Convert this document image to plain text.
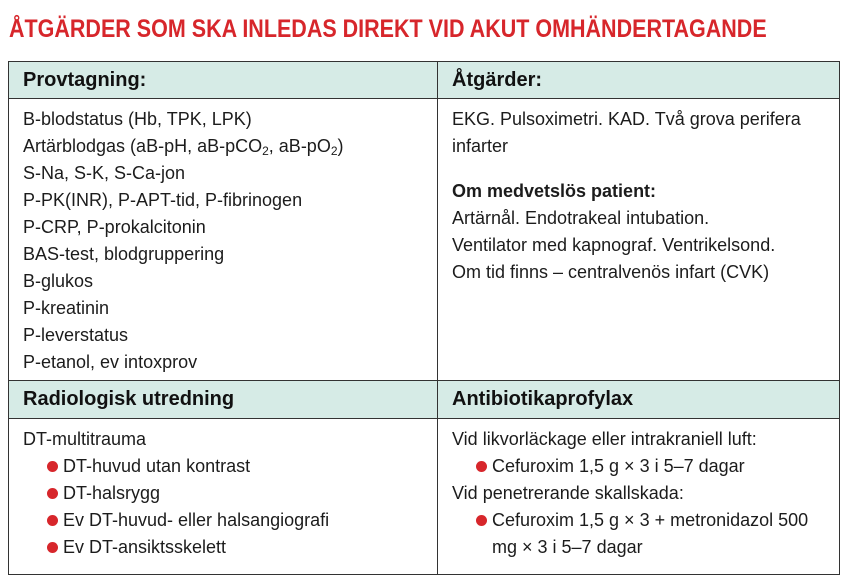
ÅTGÄRDER SOM SKA INLEDAS DIREKT VID AKUT OMHÄNDERTAGANDE
Provtagning:	Åtgärder:
B-blodstatus (Hb, TPK, LPK)
Artärblodgas (aB-pH, aB-pCO$_2$, $aB-pO_2$)
S-Na, S-K, S-Ca-jon
P-PK(INR), P-APT-tid, P-fibrinogen
P-CRP, P-prokalcitonin
BAS-test, blodgruppering
B-glukos
P-kreatinin
P-leverstatus
P-etanol, ev intoxprov
EKG. Pulsoximetri. KAD. Två grova perifera
infarter
Om medvetslös patient:
Artärnål. Endotrakeal intubation.
Ventilator med kapnograf. Ventrikelsond.
Om tid finns – centralvenös infart (CVK)
Radiologisk utredning	Antibiotikaprofylax
DT-multitrauma
DT-huvud utan kontrast
DT-halsrygg
Ev DT-huvud- eller halsangiografi
Ev DT-ansiktsskelett
Vid likvorläckage eller intrakraniell luft:
Cefuroxim 1,5 g × 3 i 5–7 dagar
Vid penetrerande skallskada:
Cefuroxim 1,5 g × 3 + metronidazol 500
mg × 3 i 5–7 dagar
